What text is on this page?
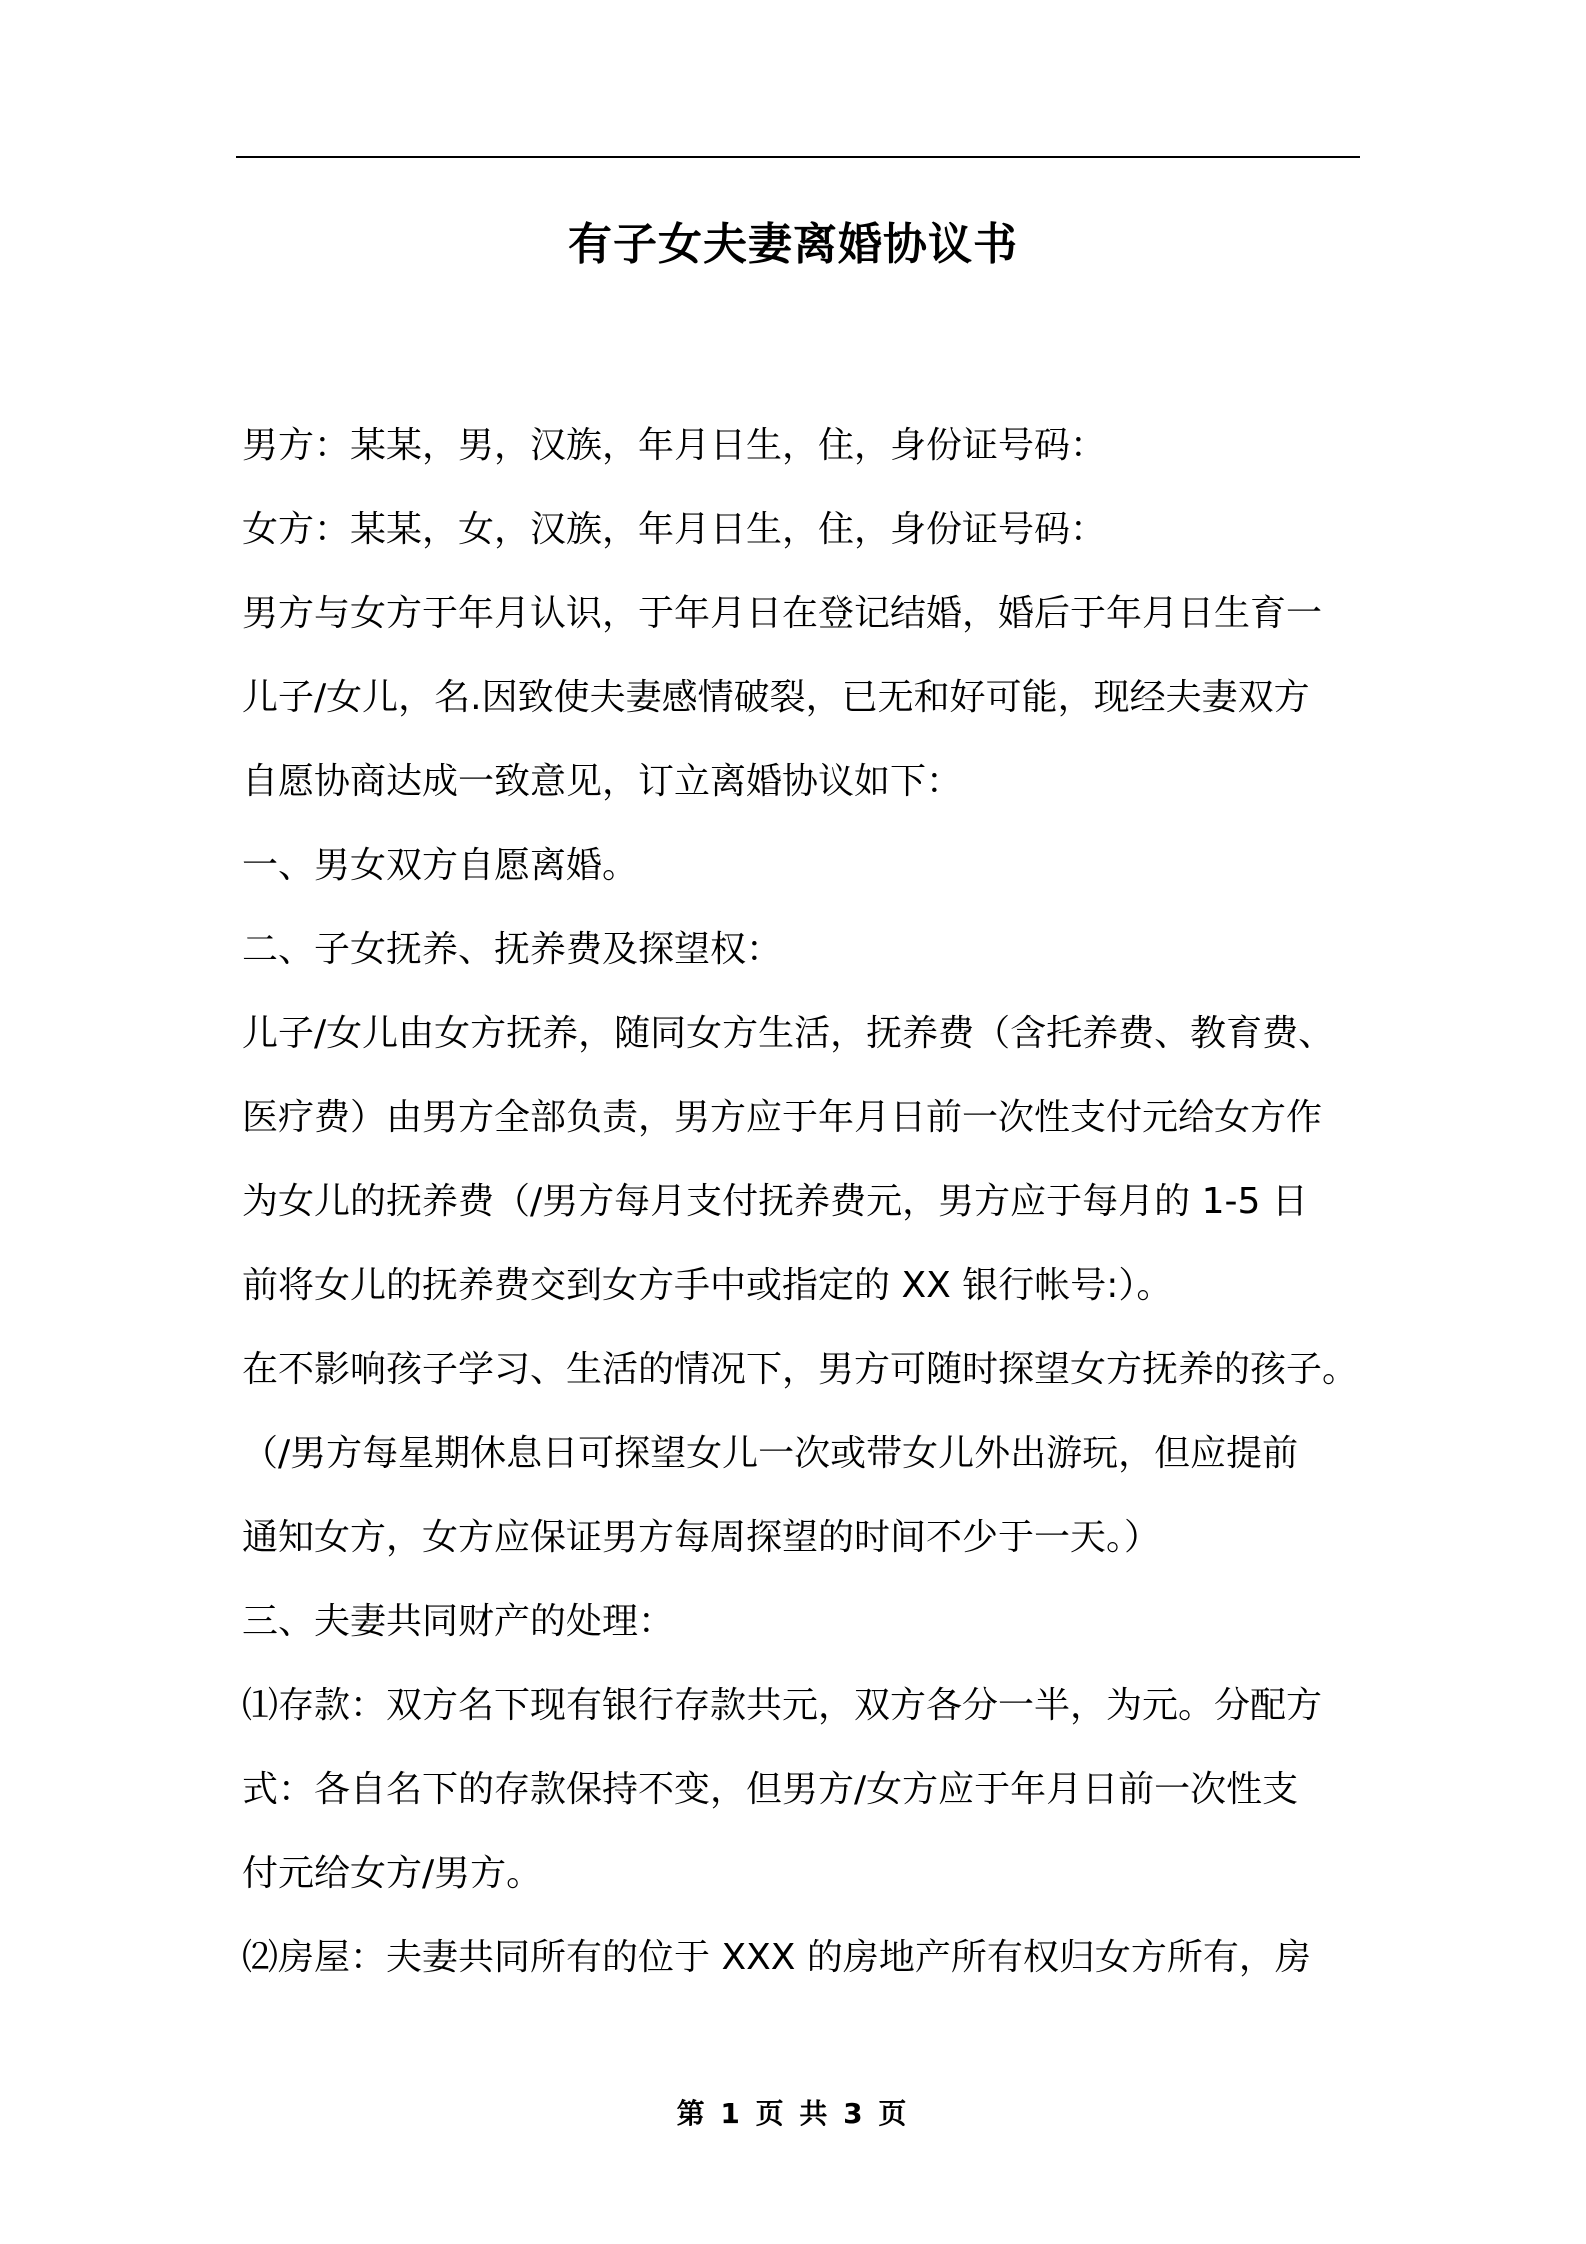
有子女夫妻离婚协议书
男方：某某，男，汉族，年月日生，住，身份证号码：
女方：某某，女，汉族，年月日生，住，身份证号码：
男方与女方于年月认识，于年月日在登记结婚，婚后于年月日生育一
儿子/女儿，名.因致使夫妻感情破裂，已无和好可能，现经夫妻双方
自愿协商达成一致意见，订立离婚协议如下：
一、男女双方自愿离婚。
二、子女抚养、抚养费及探望权：
儿子/女儿由女方抚养，随同女方生活，抚养费（含托养费、教育费、
医疗费）由男方全部负责，男方应于年月日前一次性支付元给女方作
为女儿的抚养费（/男方每月支付抚养费元，男方应于每月的 1-5 日
前将女儿的抚养费交到女方手中或指定的 XX 银行帐号:）。
在不影响孩子学习、生活的情况下，男方可随时探望女方抚养的孩子。
（/男方每星期休息日可探望女儿一次或带女儿外出游玩，但应提前
通知女方，女方应保证男方每周探望的时间不少于一天。）
三、夫妻共同财产的处理：
⑴存款：双方名下现有银行存款共元，双方各分一半，为元。分配方
式：各自名下的存款保持不变，但男方/女方应于年月日前一次性支
付元给女方/男方。
⑵房屋：夫妻共同所有的位于 XXX 的房地产所有权归女方所有，房
第 1 页 共 3 页
